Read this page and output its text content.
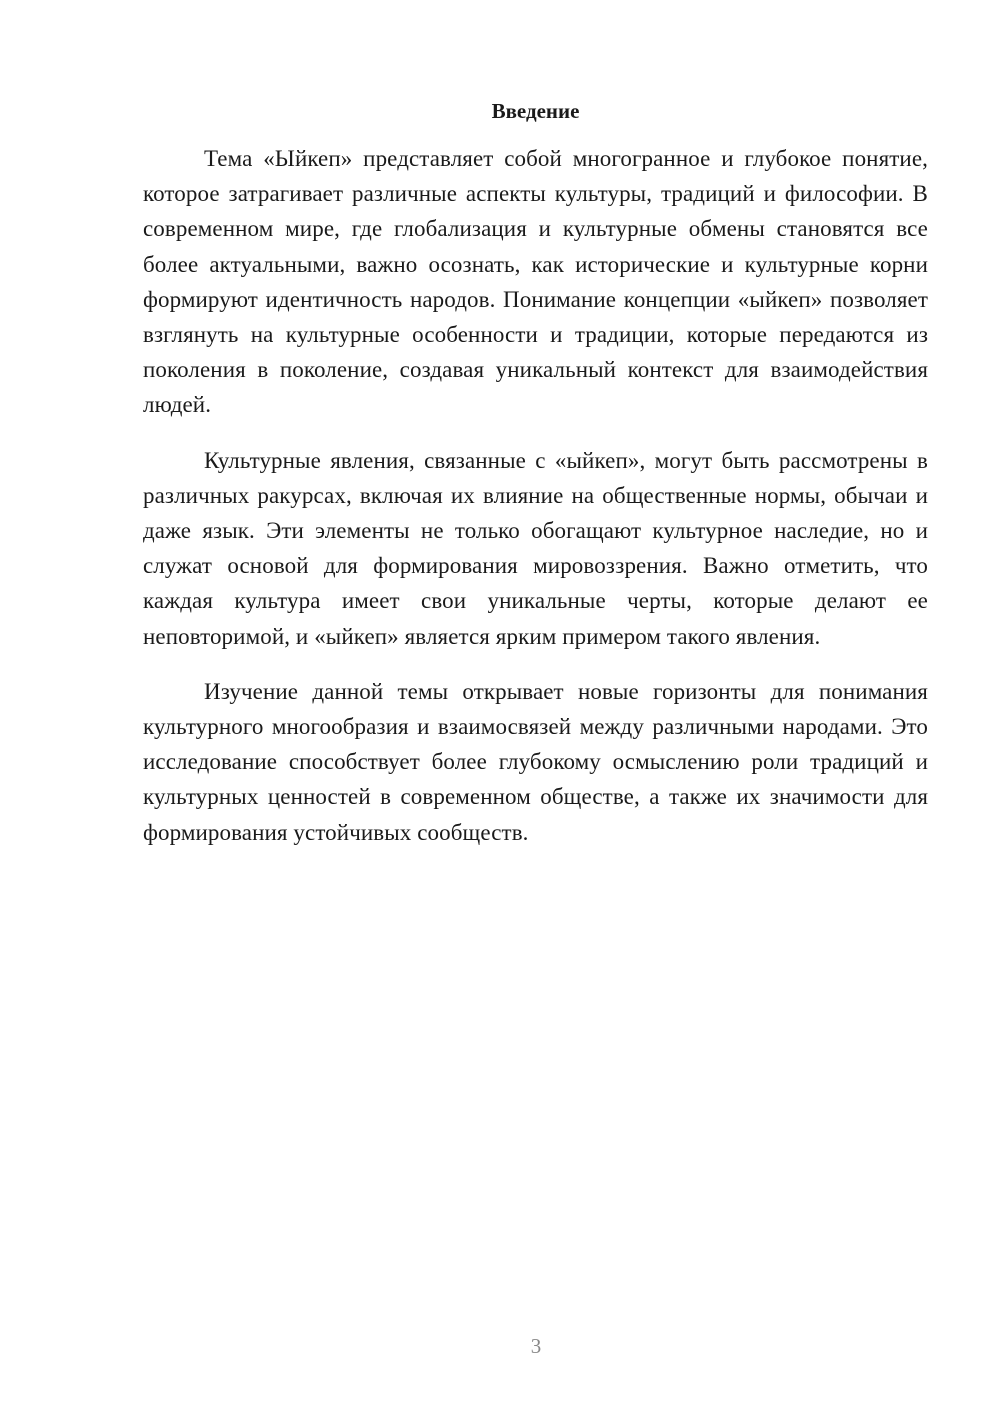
Введение

Тема «Ыйкеп» представляет собой многогранное и глубокое понятие, которое затрагивает различные аспекты культуры, традиций и философии. В современном мире, где глобализация и культурные обмены становятся все более актуальными, важно осознать, как исторические и культурные корни формируют идентичность народов. Понимание концепции «ыйкеп» позволяет взглянуть на культурные особенности и традиции, которые передаются из поколения в поколение, создавая уникальный контекст для взаимодействия людей.

Культурные явления, связанные с «ыйкеп», могут быть рассмотрены в различных ракурсах, включая их влияние на общественные нормы, обычаи и даже язык. Эти элементы не только обогащают культурное наследие, но и служат основой для формирования мировоззрения. Важно отметить, что каждая культура имеет свои уникальные черты, которые делают ее неповторимой, и «ыйкеп» является ярким примером такого явления.

Изучение данной темы открывает новые горизонты для понимания культурного многообразия и взаимосвязей между различными народами. Это исследование способствует более глубокому осмыслению роли традиций и культурных ценностей в современном обществе, а также их значимости для формирования устойчивых сообществ.

3
